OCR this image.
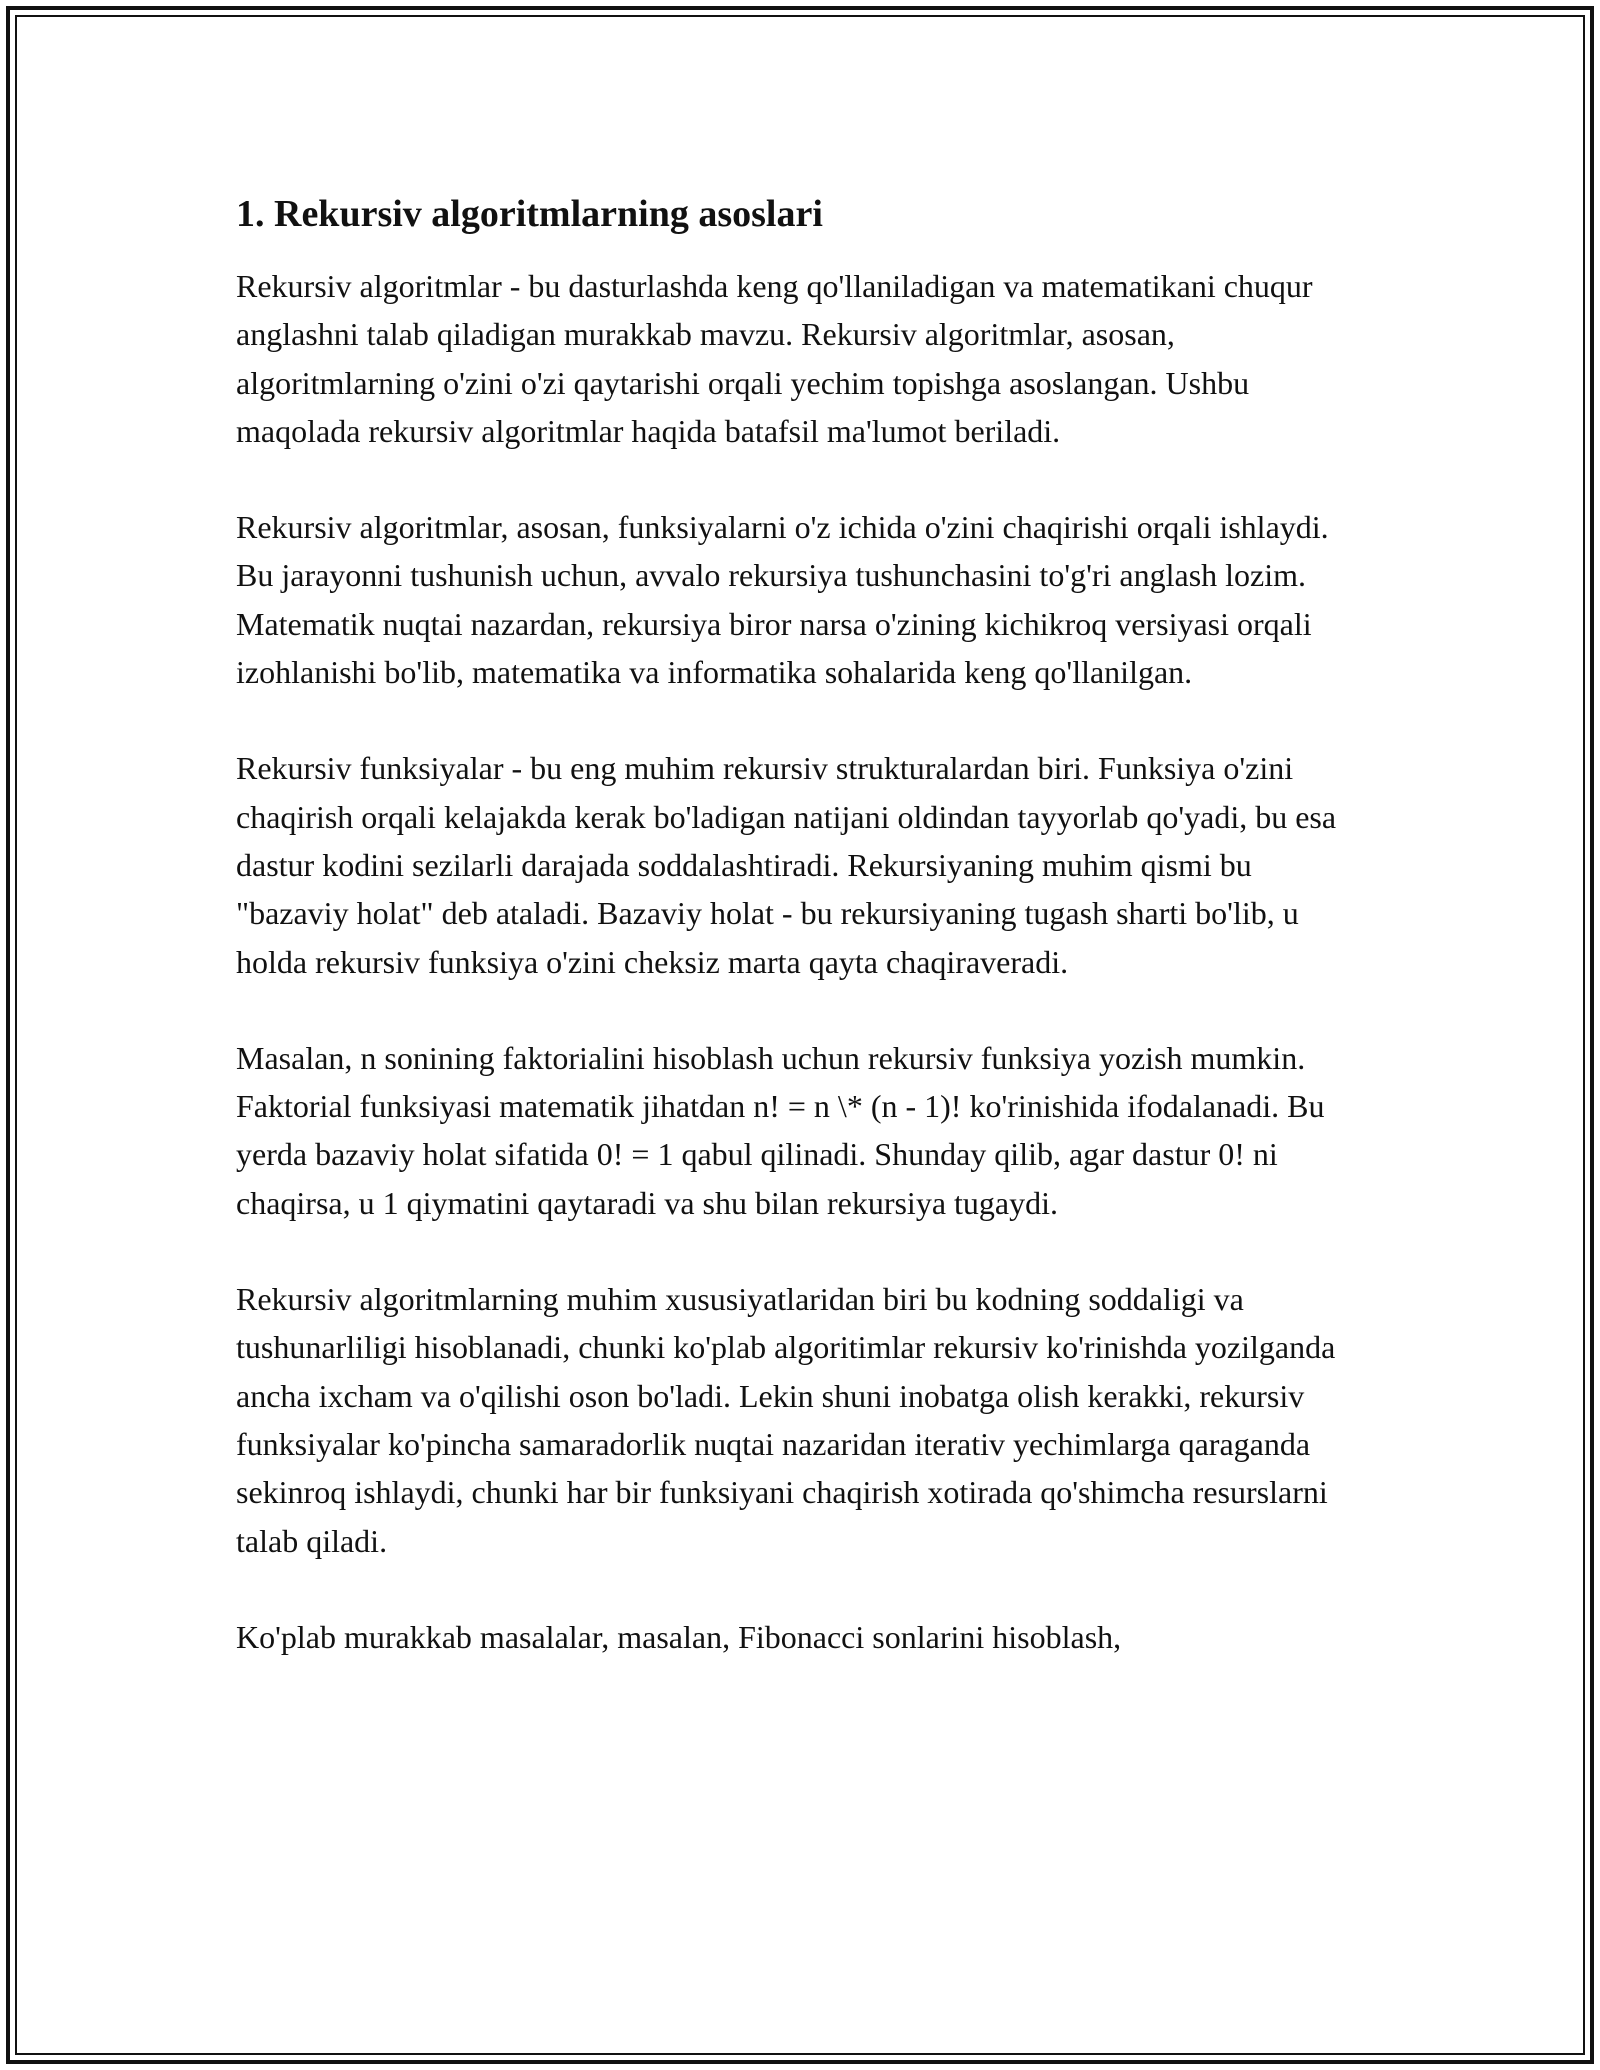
1. Rekursiv algoritmlarning asoslari

Rekursiv algoritmlar - bu dasturlashda keng qo'llaniladigan va matematikani chuqur anglashni talab qiladigan murakkab mavzu. Rekursiv algoritmlar, asosan, algoritmlarning o'zini o'zi qaytarishi orqali yechim topishga asoslangan. Ushbu maqolada rekursiv algoritmlar haqida batafsil ma'lumot beriladi.

Rekursiv algoritmlar, asosan, funksiyalarni o'z ichida o'zini chaqirishi orqali ishlaydi. Bu jarayonni tushunish uchun, avvalo rekursiya tushunchasini to'g'ri anglash lozim. Matematik nuqtai nazardan, rekursiya biror narsa o'zining kichikroq versiyasi orqali izohlanishi bo'lib, matematika va informatika sohalarida keng qo'llanilgan.

Rekursiv funksiyalar - bu eng muhim rekursiv strukturalardan biri. Funksiya o'zini chaqirish orqali kelajakda kerak bo'ladigan natijani oldindan tayyorlab qo'yadi, bu esa dastur kodini sezilarli darajada soddalashtiradi. Rekursiyaning muhim qismi bu "bazaviy holat" deb ataladi. Bazaviy holat - bu rekursiyaning tugash sharti bo'lib, u holda rekursiv funksiya o'zini cheksiz marta qayta chaqiraveradi.

Masalan, n sonining faktorialini hisoblash uchun rekursiv funksiya yozish mumkin. Faktorial funksiyasi matematik jihatdan n! = n \* (n - 1)! ko'rinishida ifodalanadi. Bu yerda bazaviy holat sifatida 0! = 1 qabul qilinadi. Shunday qilib, agar dastur 0! ni chaqirsa, u 1 qiymatini qaytaradi va shu bilan rekursiya tugaydi.

Rekursiv algoritmlarning muhim xususiyatlaridan biri bu kodning soddaligi va tushunarliligi hisoblanadi, chunki ko'plab algoritimlar rekursiv ko'rinishda yozilganda ancha ixcham va o'qilishi oson bo'ladi. Lekin shuni inobatga olish kerakki, rekursiv funksiyalar ko'pincha samaradorlik nuqtai nazaridan iterativ yechimlarga qaraganda sekinroq ishlaydi, chunki har bir funksiyani chaqirish xotirada qo'shimcha resurslarni talab qiladi.

Ko'plab murakkab masalalar, masalan, Fibonacci sonlarini hisoblash,
